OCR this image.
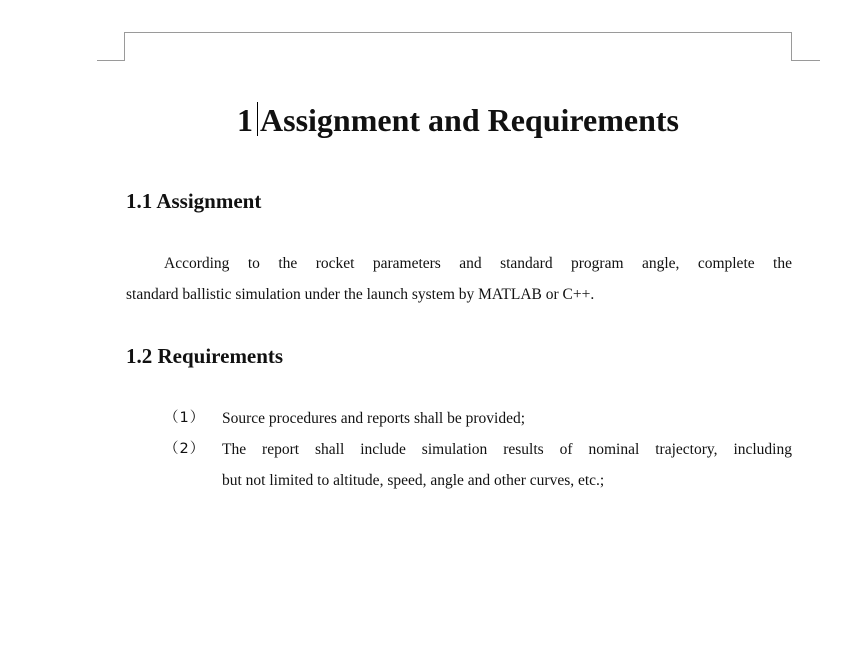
1 Assignment and Requirements
1.1 Assignment
According to the rocket parameters and standard program angle, complete the
standard ballistic simulation under the launch system by MATLAB or C++.
1.2 Requirements
（1） Source procedures and reports shall be provided;
（2） The report shall include simulation results of nominal trajectory, including
but not limited to altitude, speed, angle and other curves, etc.;
